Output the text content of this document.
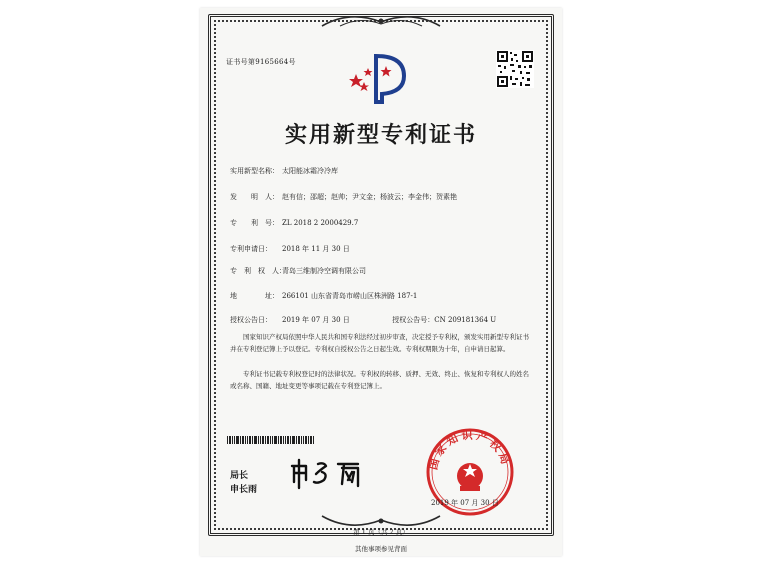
证书号第9165664号
实用新型专利证书
实用新型名称： 太阳能冰霜冷冷库
发　　明　人： 赵有信；邵超；赵帅；尹文金；杨波云；李金伟；贺素艳
专　　利　号： ZL 2018 2 2000429.7
专利申请日： 2018 年 11 月 30 日
专　利　权　人：青岛三维制冷空调有限公司
地　　　　址： 266101 山东省青岛市崂山区株洲路 187-1
授权公告日： 2019 年 07 月 30 日	授权公告号：CN 209181364 U
国家知识产权局依照中华人民共和国专利法经过初步审查，决定授予专利权，颁发实用新型专利证书并在专利登记簿上予以登记。专利权自授权公告之日起生效。专利权期限为十年，自申请日起算。
专利证书记载专利权登记时的法律状况。专利权的转移、质押、无效、终止、恢复和专利权人的姓名或名称、国籍、地址变更等事项记载在专利登记簿上。
局长
申长雨
国家知识产权局
2019 年 07 月 30 日
第 1 页（共 2 页）
其他事项参见背面
